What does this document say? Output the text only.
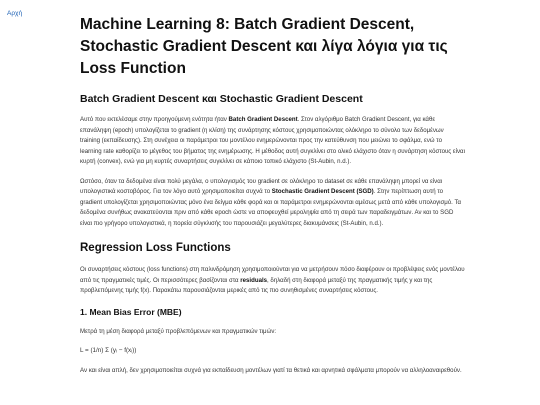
Αρχή
Machine Learning 8: Batch Gradient Descent, Stochastic Gradient Descent και λίγα λόγια για τις Loss Function
Batch Gradient Descent και Stochastic Gradient Descent

Αυτό που εκτελέσαμε στην προηγούμενη ενότητα ήταν Batch Gradient Descent. Στον αλγόριθμο Batch Gradient Descent, για κάθε επανάληψη (epoch) υπολογίζεται το gradient (η κλίση) της συνάρτησης κόστους χρησιμοποιώντας ολόκληρο το σύνολο των δεδομένων training (εκπαίδευσης). Στη συνέχεια οι παράμετροι του μοντέλου ενημερώνονται προς την κατεύθυνση που μειώνει το σφάλμα, ενώ το learning rate καθορίζει το μέγεθος του βήματος της ενημέρωσης. Η μέθοδος αυτή συγκλίνει στο ολικό ελάχιστο όταν η συνάρτηση κόστους είναι κυρτή (convex), ενώ για μη κυρτές συναρτήσεις συγκλίνει σε κάποιο τοπικό ελάχιστο (St-Aubin, n.d.).

Ωστόσο, όταν τα δεδομένα είναι πολύ μεγάλα, ο υπολογισμός του gradient σε ολόκληρο το dataset σε κάθε επανάληψη μπορεί να είναι υπολογιστικά κοστοβόρος. Για τον λόγο αυτό χρησιμοποιείται συχνά το Stochastic Gradient Descent (SGD). Στην περίπτωση αυτή το gradient υπολογίζεται χρησιμοποιώντας μόνο ένα δείγμα κάθε φορά και οι παράμετροι ενημερώνονται αμέσως μετά από κάθε υπολογισμό. Τα δεδομένα συνήθως ανακατεύονται πριν από κάθε epoch ώστε να αποφευχθεί μεροληψία από τη σειρά των παραδειγμάτων. Αν και το SGD είναι πιο γρήγορο υπολογιστικά, η πορεία σύγκλισής του παρουσιάζει μεγαλύτερες διακυμάνσεις (St-Aubin, n.d.).

Regression Loss Functions

Οι συναρτήσεις κόστους (loss functions) στη παλινδρόμηση χρησιμοποιούνται για να μετρήσουν πόσο διαφέρουν οι προβλέψεις ενός μοντέλου από τις πραγματικές τιμές. Οι περισσότερες βασίζονται στα residuals, δηλαδή στη διαφορά μεταξύ της πραγματικής τιμής y και της προβλεπόμενης τιμής f(x). Παρακάτω παρουσιάζονται μερικές από τις πιο συνηθισμένες συναρτήσεις κόστους.

1. Mean Bias Error (MBE)

Μετρά τη μέση διαφορά μεταξύ προβλεπόμενων και πραγματικών τιμών:

L = (1/n) Σ (yᵢ − f(xᵢ))

Αν και είναι απλή, δεν χρησιμοποιείται συχνά για εκπαίδευση μοντέλων γιατί τα θετικά και αρνητικά σφάλματα μπορούν να αλληλοαναιρεθούν.
